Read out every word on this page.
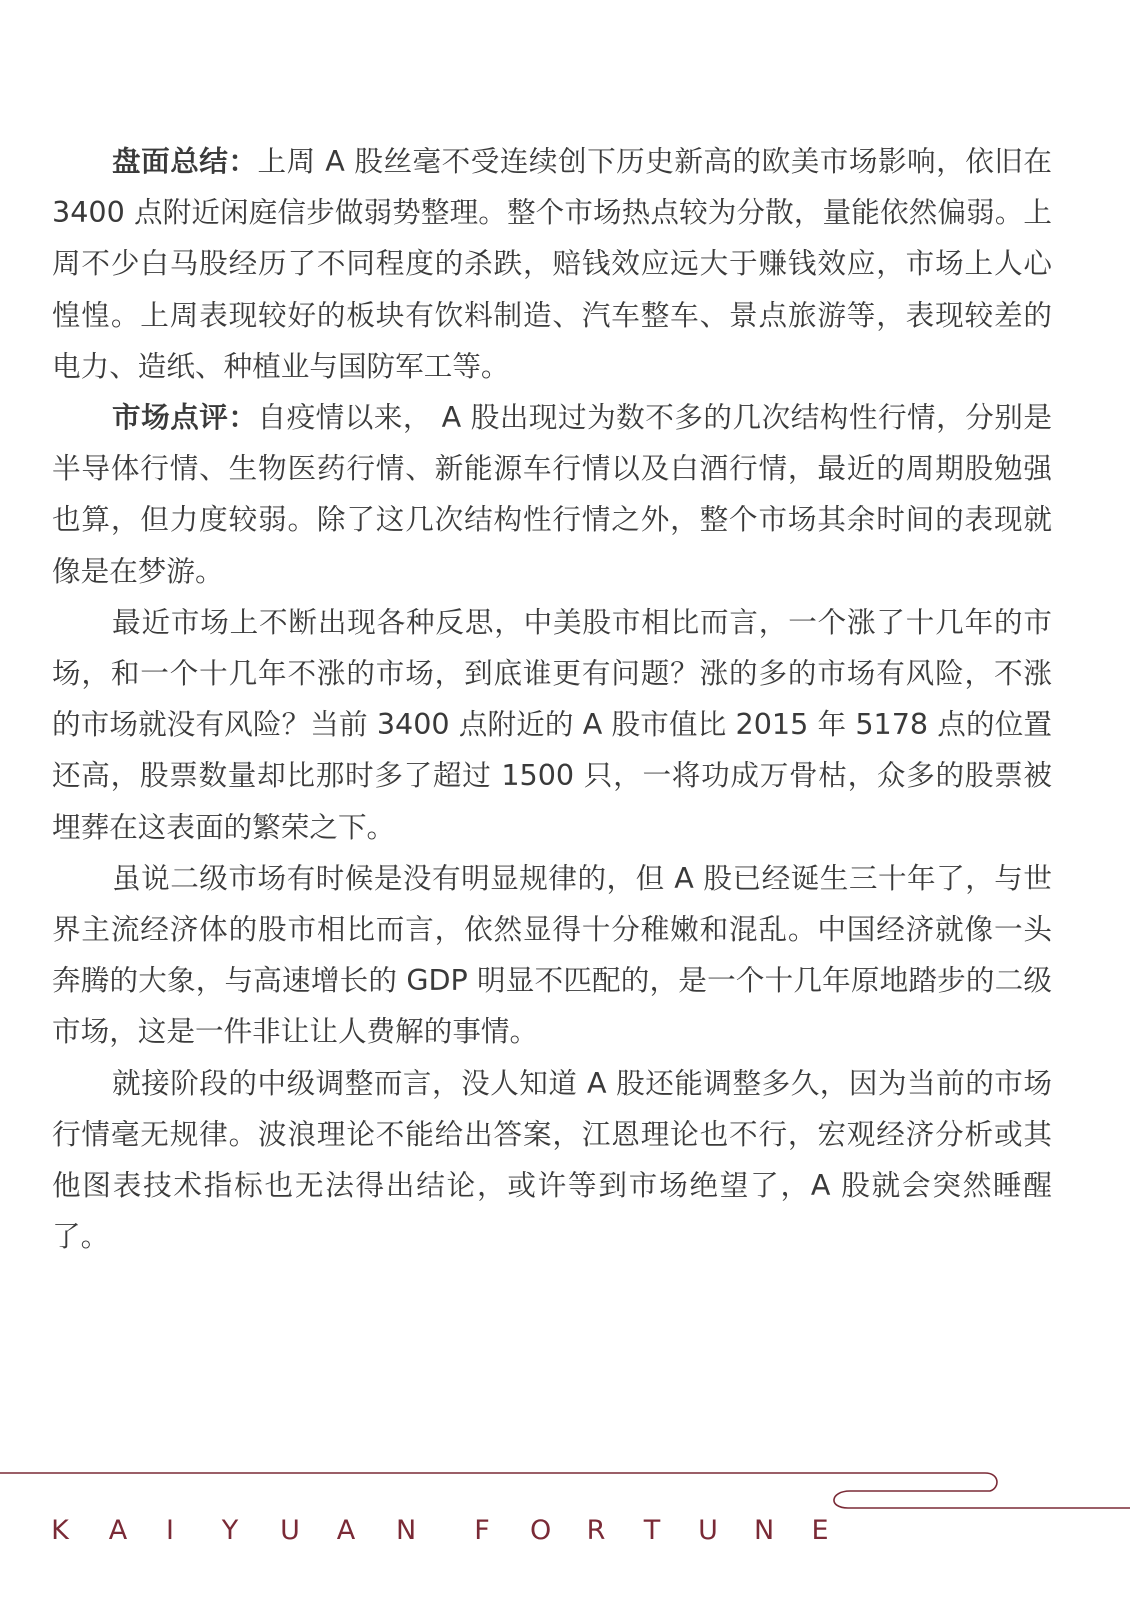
盘面总结：上周 A 股丝毫不受连续创下历史新高的欧美市场影响，依旧在 3400 点附近闲庭信步做弱势整理。整个市场热点较为分散，量能依然偏弱。上周不少白马股经历了不同程度的杀跌，赔钱效应远大于赚钱效应，市场上人心惶惶。上周表现较好的板块有饮料制造、汽车整车、景点旅游等，表现较差的电力、造纸、种植业与国防军工等。

市场点评：自疫情以来， A 股出现过为数不多的几次结构性行情，分别是半导体行情、生物医药行情、新能源车行情以及白酒行情，最近的周期股勉强也算，但力度较弱。除了这几次结构性行情之外，整个市场其余时间的表现就像是在梦游。

最近市场上不断出现各种反思，中美股市相比而言，一个涨了十几年的市场，和一个十几年不涨的市场，到底谁更有问题？涨的多的市场有风险，不涨的市场就没有风险？当前 3400 点附近的 A 股市值比 2015 年 5178 点的位置还高，股票数量却比那时多了超过 1500 只，一将功成万骨枯，众多的股票被埋葬在这表面的繁荣之下。

虽说二级市场有时候是没有明显规律的，但 A 股已经诞生三十年了，与世界主流经济体的股市相比而言，依然显得十分稚嫩和混乱。中国经济就像一头奔腾的大象，与高速增长的 GDP 明显不匹配的，是一个十几年原地踏步的二级市场，这是一件非让让人费解的事情。

就接阶段的中级调整而言，没人知道 A 股还能调整多久，因为当前的市场行情毫无规律。波浪理论不能给出答案，江恩理论也不行，宏观经济分析或其他图表技术指标也无法得出结论，或许等到市场绝望了，A 股就会突然睡醒了。

K A I Y U A N F O R T U N E
